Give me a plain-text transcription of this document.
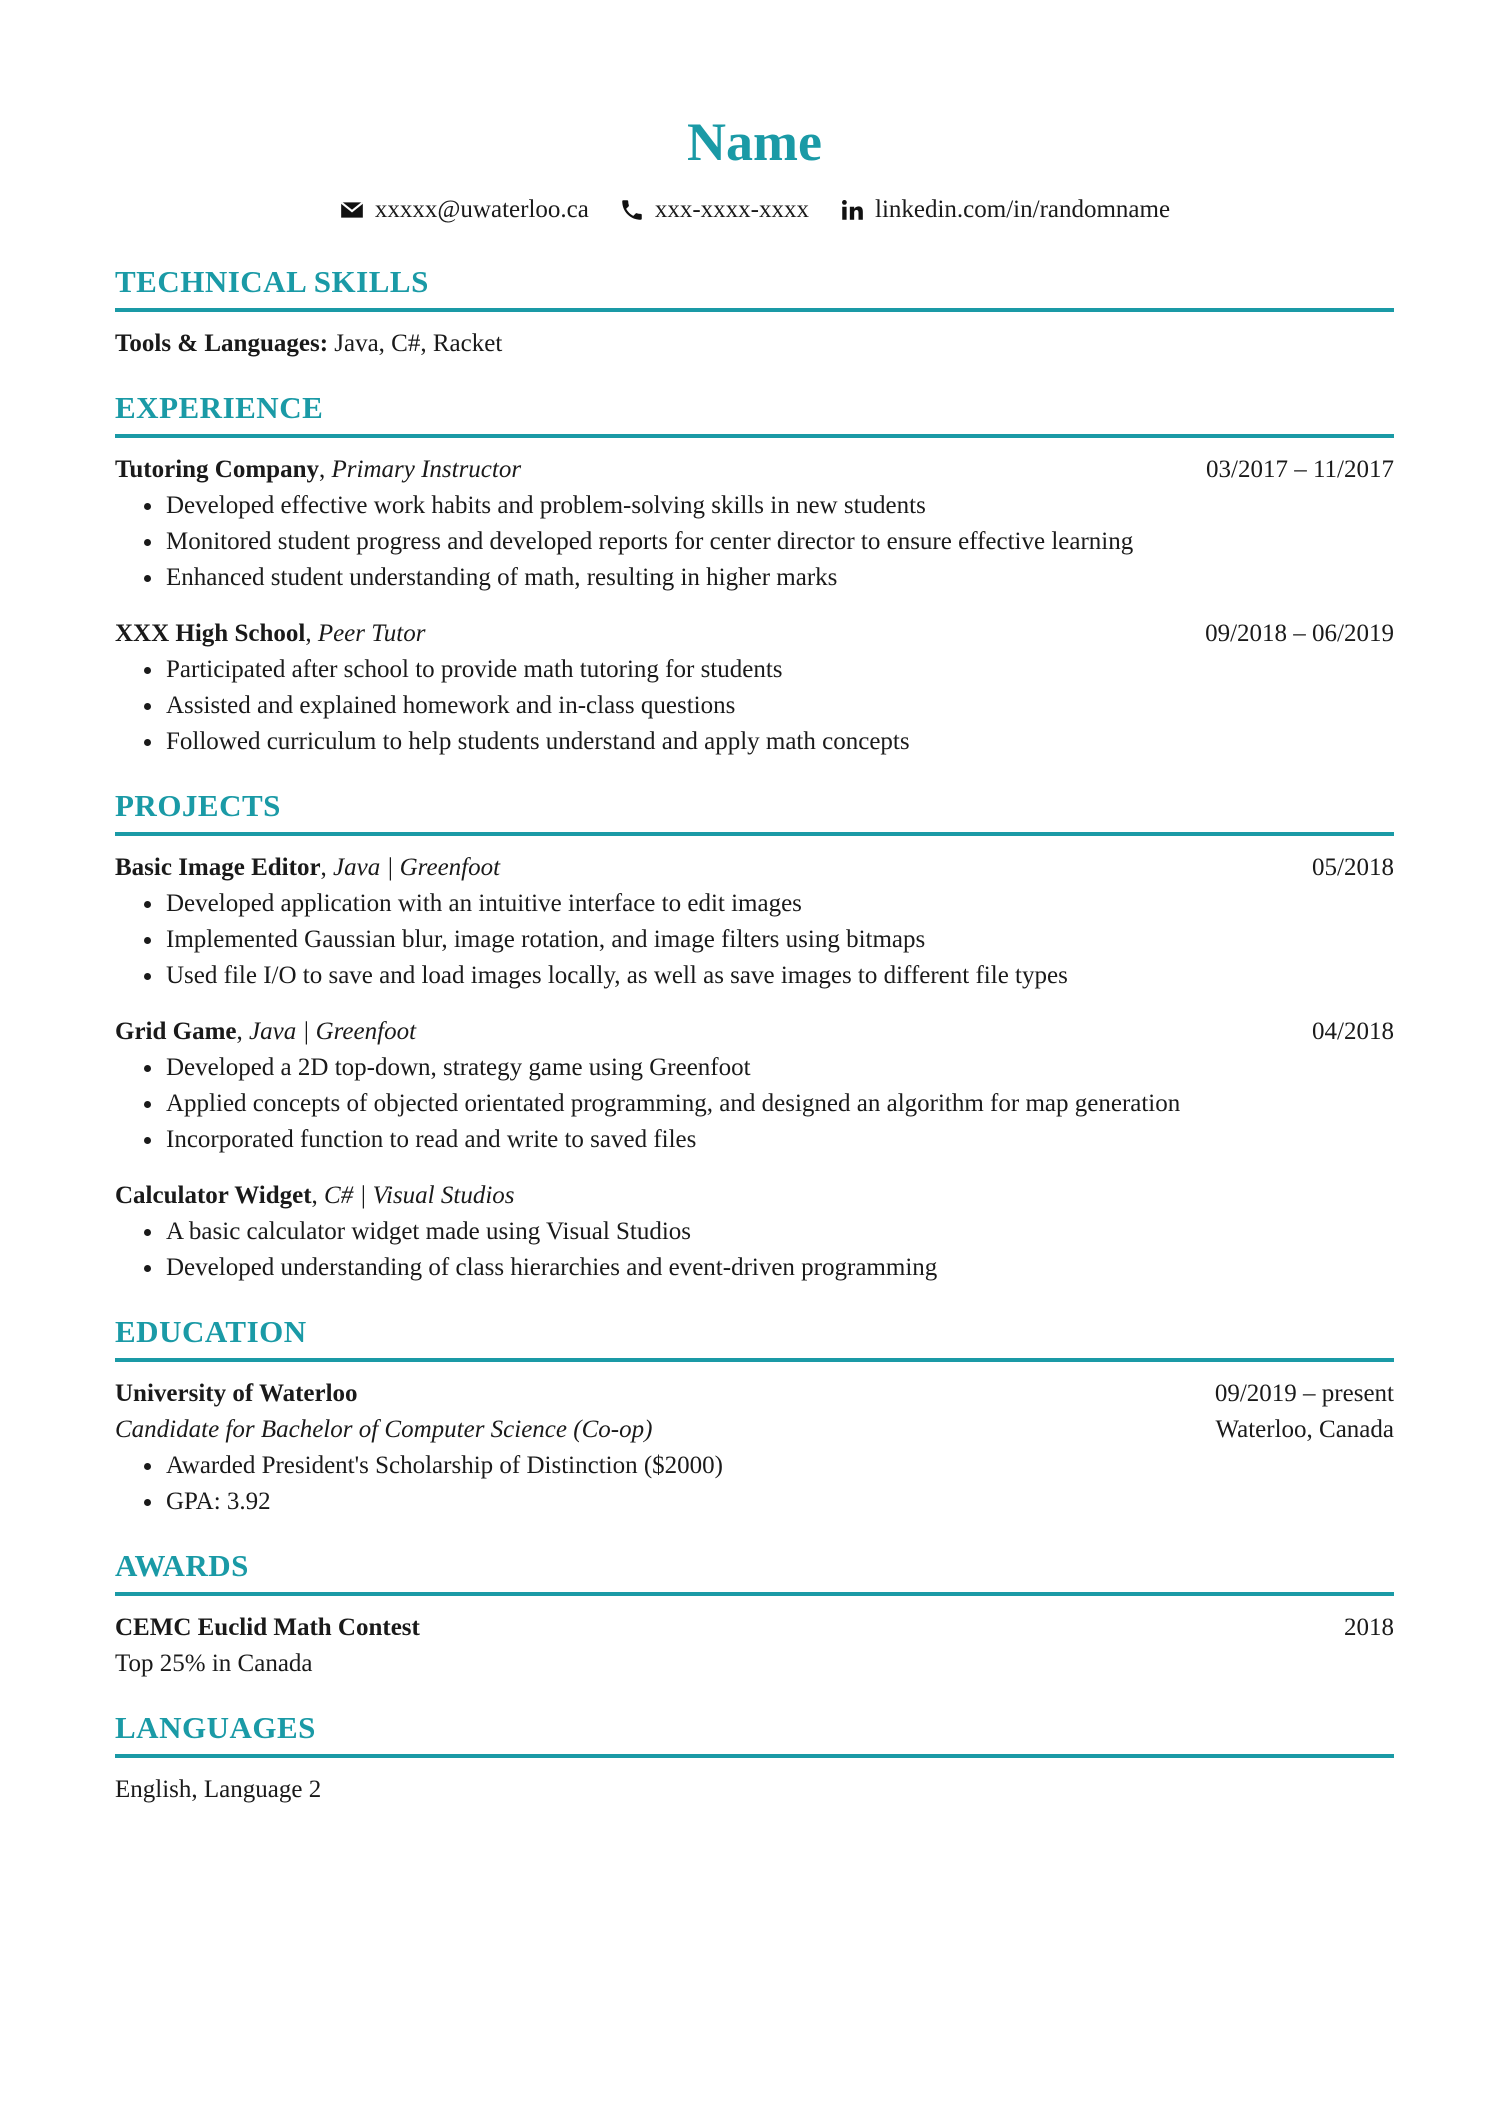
Name
xxxxx@uwaterloo.ca	xxx-xxxx-xxxx	linkedin.com/in/randomname
TECHNICAL SKILLS
Tools & Languages: Java, C#, Racket
EXPERIENCE
Tutoring Company, Primary Instructor	03/2017 – 11/2017
Developed effective work habits and problem-solving skills in new students
Monitored student progress and developed reports for center director to ensure effective learning
Enhanced student understanding of math, resulting in higher marks
XXX High School, Peer Tutor	09/2018 – 06/2019
Participated after school to provide math tutoring for students
Assisted and explained homework and in-class questions
Followed curriculum to help students understand and apply math concepts
PROJECTS
Basic Image Editor, Java | Greenfoot	05/2018
Developed application with an intuitive interface to edit images
Implemented Gaussian blur, image rotation, and image filters using bitmaps
Used file I/O to save and load images locally, as well as save images to different file types
Grid Game, Java | Greenfoot	04/2018
Developed a 2D top-down, strategy game using Greenfoot
Applied concepts of objected orientated programming, and designed an algorithm for map generation
Incorporated function to read and write to saved files
Calculator Widget, C# | Visual Studios
A basic calculator widget made using Visual Studios
Developed understanding of class hierarchies and event-driven programming
EDUCATION
University of Waterloo	09/2019 – present
Candidate for Bachelor of Computer Science (Co-op)	Waterloo, Canada
Awarded President's Scholarship of Distinction ($2000)
GPA: 3.92
AWARDS
CEMC Euclid Math Contest	2018
Top 25% in Canada
LANGUAGES
English, Language 2
